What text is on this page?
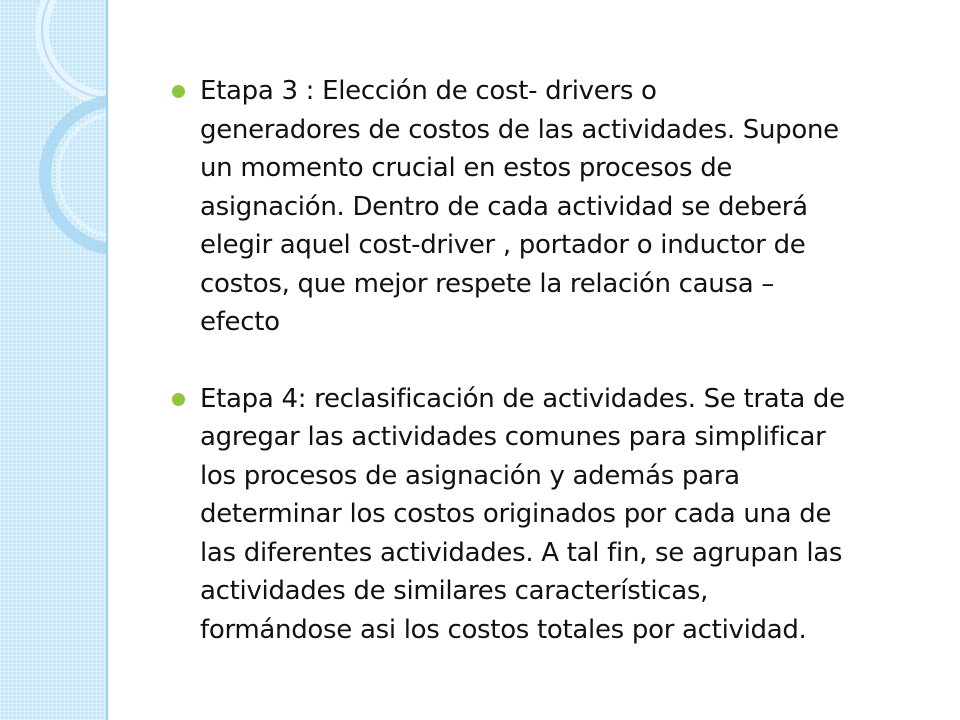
Etapa 3 : Elección de cost- drivers o
generadores de costos de las actividades. Supone
un momento crucial en estos procesos de
asignación. Dentro de cada actividad se deberá
elegir aquel cost-driver , portador o inductor de
costos, que mejor respete la relación causa –
efecto
Etapa 4: reclasificación de actividades. Se trata de
agregar las actividades comunes para simplificar
los procesos de asignación y además para
determinar los costos originados por cada una de
las diferentes actividades. A tal fin, se agrupan las
actividades de similares características,
formándose asi los costos totales por actividad.
